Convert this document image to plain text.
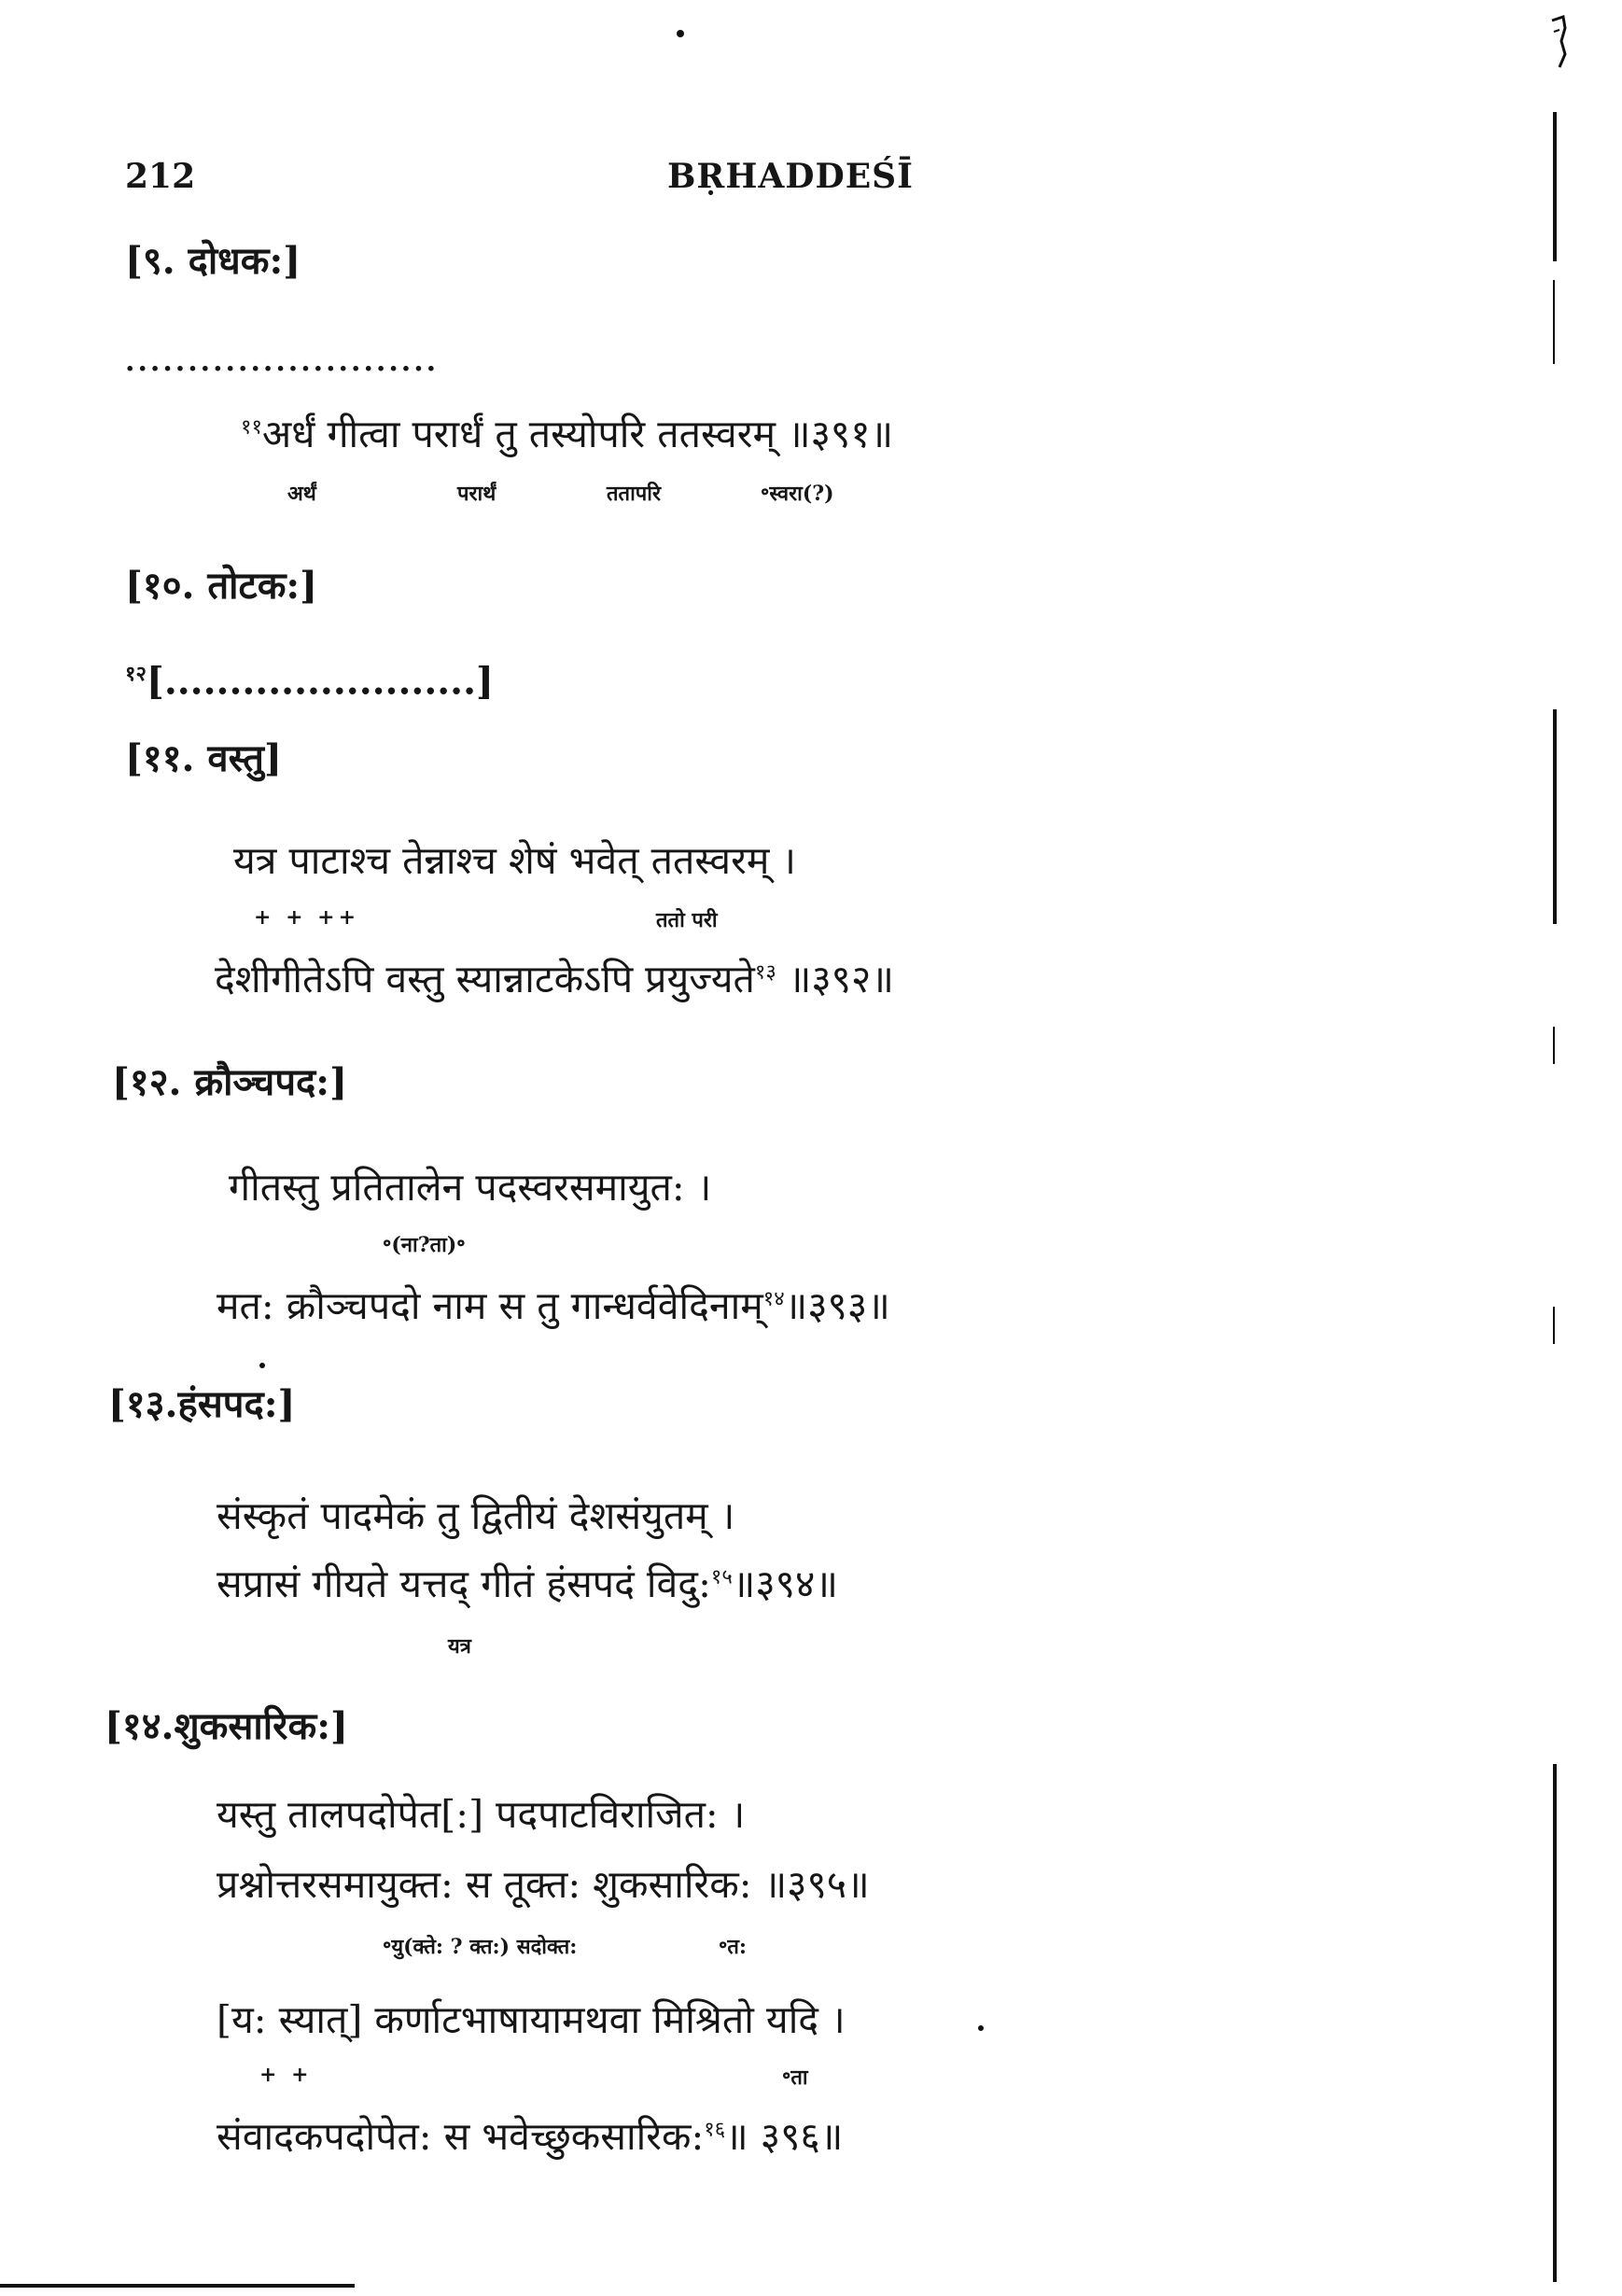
212	BṚHADDEŚĪ
[९. दोधक:]
.........................
$^{११}$अर्धं गीत्वा परार्धं तु तस्योपरि ततस्वरम् ॥३९१॥
अर्थं	परार्थं	ततापरि	॰स्वरा(?)
[१०. तोटक:]
$^{१२}$[........................]
[११. वस्तु]
यत्र पाटाश्च तेन्नाश्च शेषं भवेत् ततस्वरम् ।
+ + ++	ततो परी
देशीगीतेऽपि वस्तु स्यान्नाटकेऽपि प्रयुज्यते$^{१३}$ ॥३९२॥
[१२. क्रौञ्चपद:]
गीतस्तु प्रतितालेन पदस्वरसमायुत: ।
॰(ना?ता)॰
मत: क्रौञ्चपदो नाम स तु गान्धर्ववेदिनाम्$^{१४}$॥३९३॥
[१३.हंसपद:]
संस्कृतं पादमेकं तु द्वितीयं देशसंयुतम् ।
सप्रासं गीयते यत्तद् गीतं हंसपदं विदु:$^{१५}$॥३९४॥
यत्र
[१४.शुकसारिक:]
यस्तु तालपदोपेत[:] पदपाटविराजित: ।
प्रश्नोत्तरसमायुक्त: स तूक्त: शुकसारिक: ॥३९५॥
॰यु(क्ते: ? क्त:) सदोक्त:	॰त:
[य: स्यात्] कर्णाटभाषायामथवा मिश्रितो यदि ।
+ +	॰ता
संवादकपदोपेत: स भवेच्छुकसारिक:$^{१६}$॥ ३९६॥
